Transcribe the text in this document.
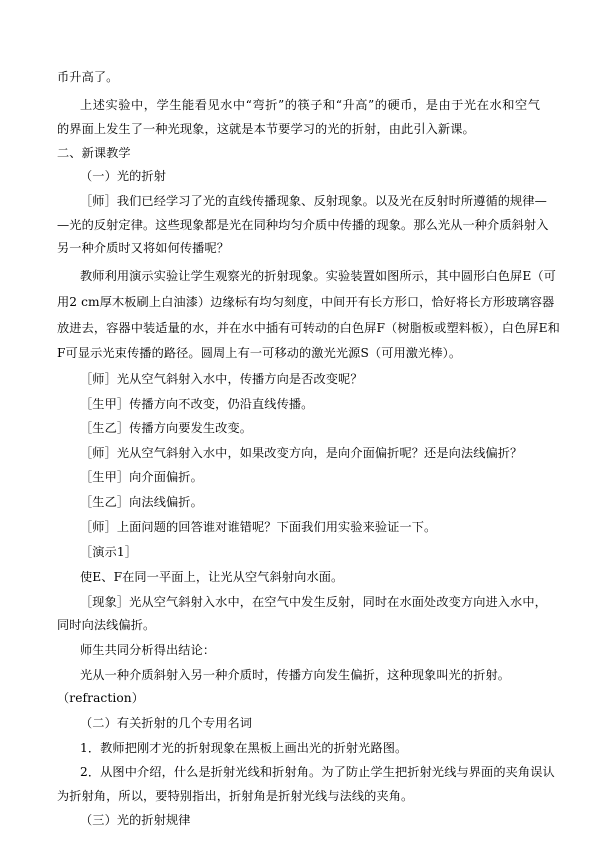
币升高了。
上述实验中，学生能看见水中“弯折”的筷子和“升高”的硬币，是由于光在水和空气
的界面上发生了一种光现象，这就是本节要学习的光的折射，由此引入新课。
二、新课教学
（一）光的折射
［师］我们已经学习了光的直线传播现象、反射现象。以及光在反射时所遵循的规律—
—光的反射定律。这些现象都是光在同种均匀介质中传播的现象。那么光从一种介质斜射入
另一种介质时又将如何传播呢？
教师利用演示实验让学生观察光的折射现象。实验装置如图所示，其中圆形白色屏E（可
用2 cm厚木板刷上白油漆）边缘标有均匀刻度，中间开有长方形口，恰好将长方形玻璃容器
放进去，容器中装适量的水，并在水中插有可转动的白色屏F（树脂板或塑料板），白色屏E和
F可显示光束传播的路径。圆周上有一可移动的激光光源S（可用激光棒）。
［师］光从空气斜射入水中，传播方向是否改变呢？
［生甲］传播方向不改变，仍沿直线传播。
［生乙］传播方向要发生改变。
［师］光从空气斜射入水中，如果改变方向，是向介面偏折呢？还是向法线偏折？
［生甲］向介面偏折。
［生乙］向法线偏折。
［师］上面问题的回答谁对谁错呢？下面我们用实验来验证一下。
［演示1］
使E、F在同一平面上，让光从空气斜射向水面。
［现象］光从空气斜射入水中，在空气中发生反射，同时在水面处改变方向进入水中，
同时向法线偏折。
师生共同分析得出结论：
光从一种介质斜射入另一种介质时，传播方向发生偏折，这种现象叫光的折射。
（refraction）
（二）有关折射的几个专用名词
1．教师把刚才光的折射现象在黑板上画出光的折射光路图。
2．从图中介绍，什么是折射光线和折射角。为了防止学生把折射光线与界面的夹角误认
为折射角，所以，要特别指出，折射角是折射光线与法线的夹角。
（三）光的折射规律
